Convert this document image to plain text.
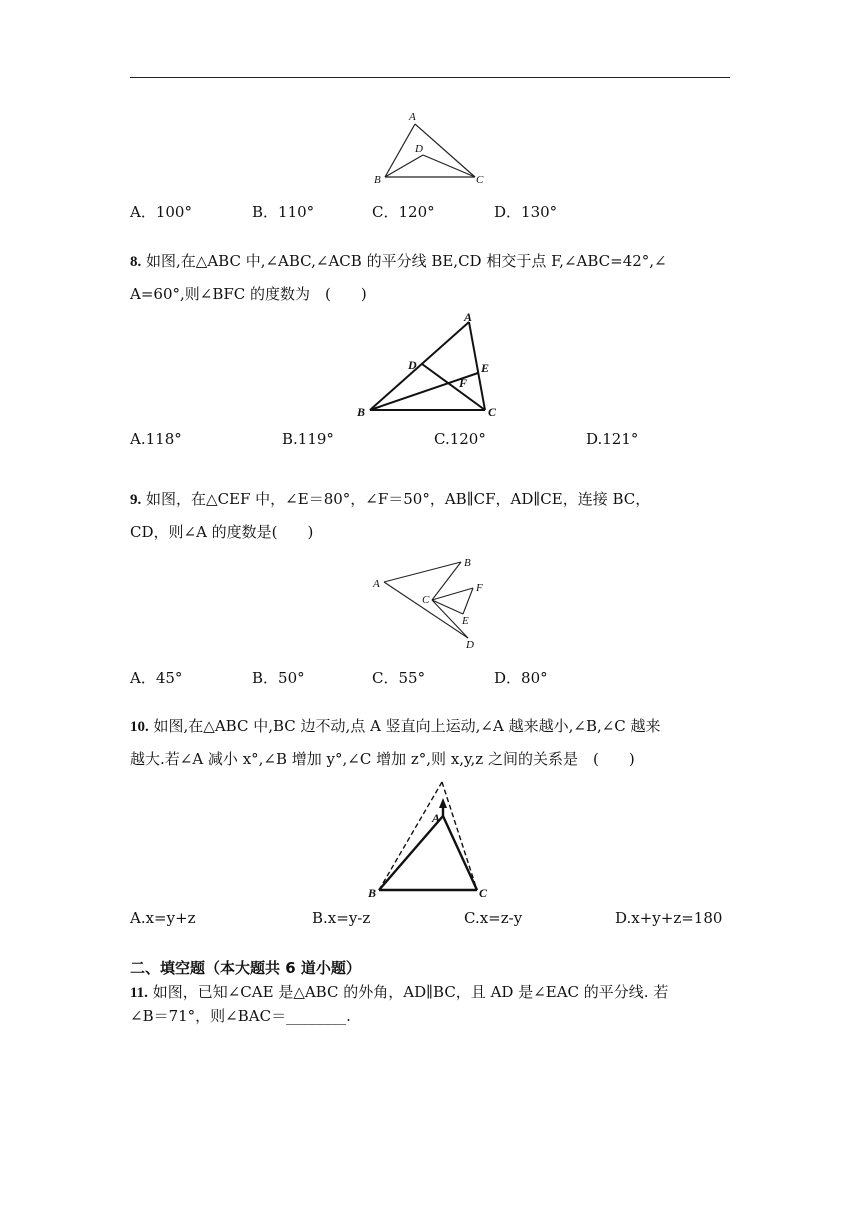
A
D
B	C
A．100°	B．110°	C．120°	D．130°
8. 如图,在△ABC 中,∠ABC,∠ACB 的平分线 BE,CD 相交于点 F,∠ABC=42°,∠
A=60°,则∠BFC 的度数为　(　　)
A
D	E
F
B	C
A.118°	B.119°	C.120°	D.121°
9. 如图，在△CEF 中，∠E＝80°，∠F＝50°，AB∥CF，AD∥CE，连接 BC，
CD，则∠A 的度数是(　　)
A
B
F
C
E
D
A．45°	B．50°	C．55°	D．80°
10. 如图,在△ABC 中,BC 边不动,点 A 竖直向上运动,∠A 越来越小,∠B,∠C 越来
越大.若∠A 减小 x°,∠B 增加 y°,∠C 增加 z°,则 x,y,z 之间的关系是　(　　)
A
B	C
A.x=y+z	B.x=y-z	C.x=z-y	D.x+y+z=180
二、填空题（本大题共 6 道小题）
11. 如图，已知∠CAE 是△ABC 的外角，AD∥BC，且 AD 是∠EAC 的平分线. 若
∠B＝71°，则∠BAC＝________.
